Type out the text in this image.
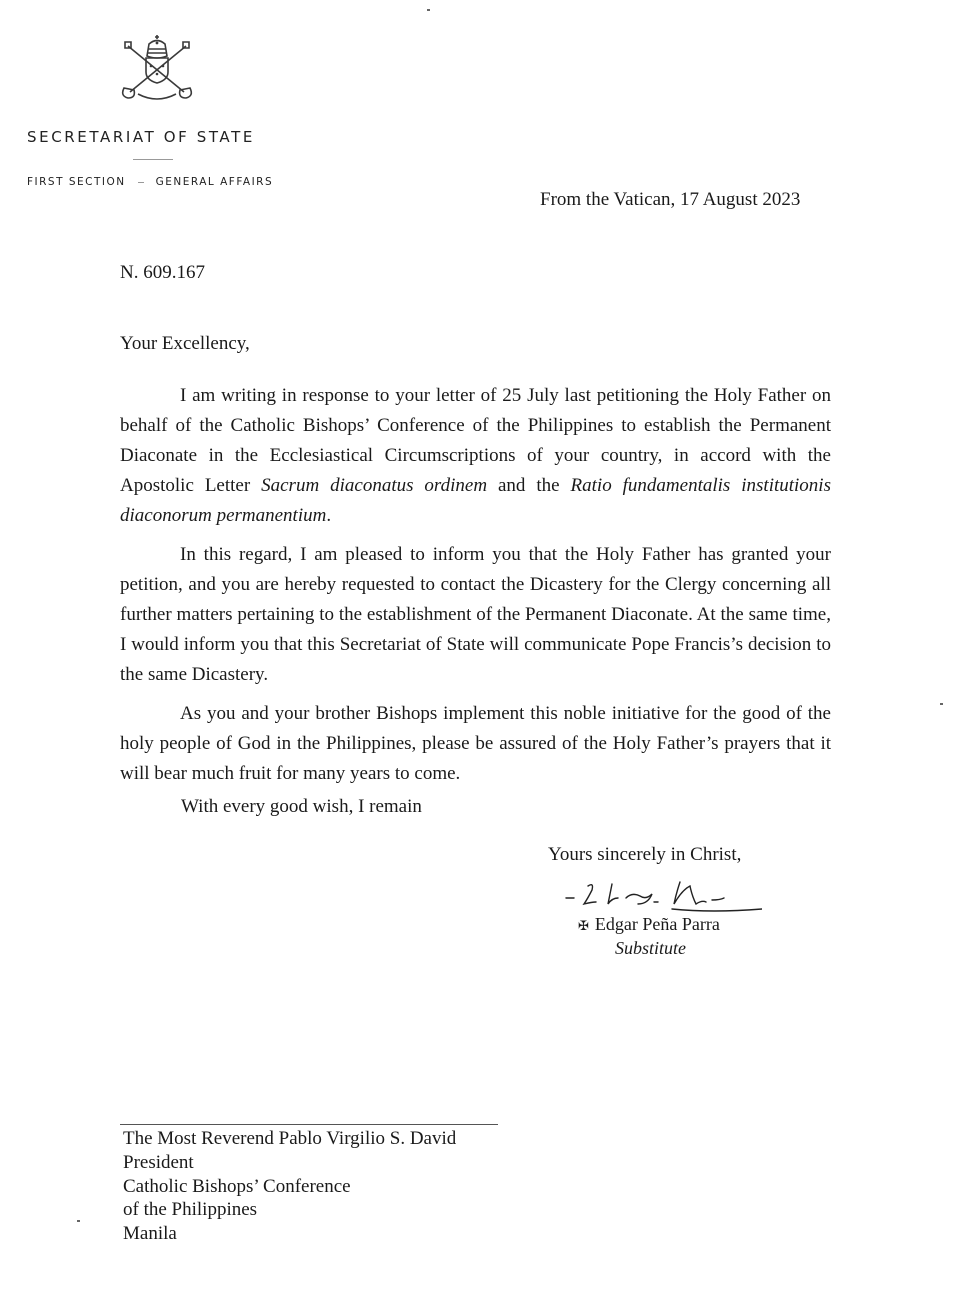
SECRETARIAT OF STATE
FIRST SECTION	GENERAL AFFAIRS
From the Vatican, 17 August 2023
N. 609.167
Your Excellency,

I am writing in response to your letter of 25 July last petitioning the Holy Father on behalf of the Catholic Bishops’ Conference of the Philippines to establish the Permanent Diaconate in the Ecclesiastical Circumscriptions of your country, in accord with the Apostolic Letter Sacrum diaconatus ordinem and the Ratio fundamentalis institutionis diaconorum permanentium.

In this regard, I am pleased to inform you that the Holy Father has granted your petition, and you are hereby requested to contact the Dicastery for the Clergy concerning all further matters pertaining to the establishment of the Permanent Diaconate. At the same time, I would inform you that this Secretariat of State will communicate Pope Francis’s decision to the same Dicastery.

As you and your brother Bishops implement this noble initiative for the good of the holy people of God in the Philippines, please be assured of the Holy Father’s prayers that it will bear much fruit for many years to come.

With every good wish, I remain
Yours sincerely in Christ,
✠ Edgar Peña Parra
Substitute
The Most Reverend Pablo Virgilio S. David
President
Catholic Bishops’ Conference
of the Philippines
Manila
